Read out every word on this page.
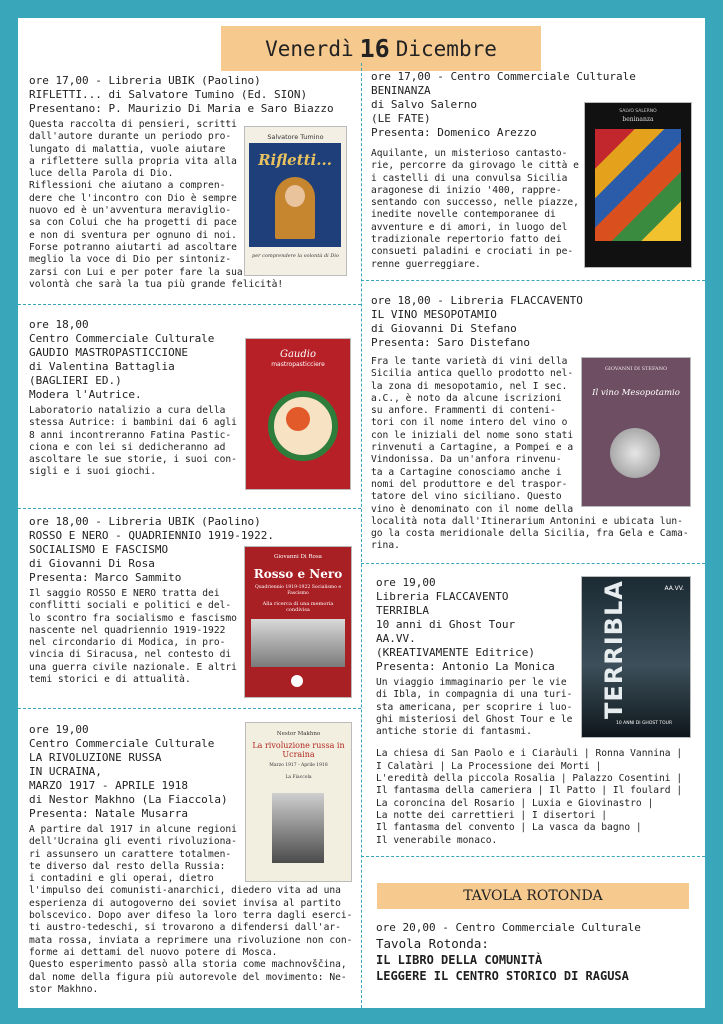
Venerdì 16 Dicembre
ore 17,00 - Libreria UBIK (Paolino)
RIFLETTI... di Salvatore Tumino (Ed. SION)
Presentano: P. Maurizio Di Maria e Saro Biazzo
Questa raccolta di pensieri, scritti
dall'autore durante un periodo pro-
lungato di malattia, vuole aiutare
a riflettere sulla propria vita alla
luce della Parola di Dio.
Riflessioni che aiutano a compren-
dere che l'incontro con Dio è sempre
nuovo ed è un'avventura meraviglio-
sa con Colui che ha progetti di pace
e non di sventura per ognuno di noi.
Forse potranno aiutarti ad ascoltare
meglio la voce di Dio per sintoniz-
zarsi con Lui e per poter fare la sua
volontà che sarà la tua più grande felicità!
Salvatore Tumino
Rifletti...
per comprendere la volontà di Dio
ore 18,00
Centro Commerciale Culturale
GAUDIO MASTROPASTICCIONE
di Valentina Battaglia
(BAGLIERI ED.)
Modera l'Autrice.
Laboratorio natalizio a cura della
stessa Autrice: i bambini dai 6 agli
8 anni incontreranno Fatina Pastic-
ciona e con lei si dedicheranno ad
ascoltare le sue storie, i suoi con-
sigli e i suoi giochi.
Gaudio
mastropasticciere
ore 18,00 - Libreria UBIK (Paolino)
ROSSO E NERO - QUADRIENNIO 1919-1922.
SOCIALISMO E FASCISMO
di Giovanni Di Rosa
Presenta: Marco Sammito
Il saggio ROSSO E NERO tratta dei
conflitti sociali e politici e del-
lo scontro fra socialismo e fascismo
nascente nel quadriennio 1919-1922
nel circondario di Modica, in pro-
vincia di Siracusa, nel contesto di
una guerra civile nazionale. E altri
temi storici e di attualità.
Giovanni Di Rosa
Rosso e Nero
Quadriennio 1919-1922 Socialismo e Fascismo
Alla ricerca di una memoria condivisa
ore 19,00
Centro Commerciale Culturale
LA RIVOLUZIONE RUSSA
IN UCRAINA,
MARZO 1917 - APRILE 1918
di Nestor Makhno (La Fiaccola)
Presenta: Natale Musarra
A partire dal 1917 in alcune regioni
dell'Ucraina gli eventi rivoluziona-
ri assunsero un carattere totalmen-
te diverso dal resto della Russia:
i contadini e gli operai, dietro
l'impulso dei comunisti-anarchici, diedero vita ad una
esperienza di autogoverno dei soviet invisa al partito
bolscevico. Dopo aver difeso la loro terra dagli eserci-
ti austro-tedeschi, si trovarono a difendersi dall'ar-
mata rossa, inviata a reprimere una rivoluzione non con-
forme ai dettami del nuovo potere di Mosca.
Questo esperimento passò alla storia come machnovščina,
dal nome della figura più autorevole del movimento: Ne-
stor Makhno.
Nestor Makhno
La rivoluzione russa in Ucraina
Marzo 1917 - Aprile 1918
La Fiaccola
ore 17,00 - Centro Commerciale Culturale
BENINANZA
di Salvo Salerno
(LE FATE)
Presenta: Domenico Arezzo
Aquilante, un misterioso cantasto-
rie, percorre da girovago le città e
i castelli di una convulsa Sicilia
aragonese di inizio '400, rappre-
sentando con successo, nelle piazze,
inedite novelle contemporanee di
avventure e di amori, in luogo del
tradizionale repertorio fatto dei
consueti paladini e crociati in pe-
renne guerreggiare.
SALVO SALERNO
beninanza
ore 18,00 - Libreria FLACCAVENTO
IL VINO MESOPOTAMIO
di Giovanni Di Stefano
Presenta: Saro Distefano
Fra le tante varietà di vini della
Sicilia antica quello prodotto nel-
la zona di mesopotamio, nel I sec.
a.C., è noto da alcune iscrizioni
su anfore. Frammenti di conteni-
tori con il nome intero del vino o
con le iniziali del nome sono stati
rinvenuti a Cartagine, a Pompei e a
Vindonissa. Da un'anfora rinvenu-
ta a Cartagine conosciamo anche i
nomi del produttore e del traspor-
tatore del vino siciliano. Questo
vino è denominato con il nome della
località nota dall'Itinerarium Antonini e ubicata lun-
go la costa meridionale della Sicilia, fra Gela e Cama-
rina.
GIOVANNI DI STEFANO
Il vino Mesopotamio
ore 19,00
Libreria FLACCAVENTO
TERRIBLA
10 anni di Ghost Tour
AA.VV.
(KREATIVAMENTE Editrice)
Presenta: Antonio La Monica
Un viaggio immaginario per le vie
di Ibla, in compagnia di una turi-
sta americana, per scoprire i luo-
ghi misteriosi del Ghost Tour e le
antiche storie di fantasmi.
La chiesa di San Paolo e i Ciaràuli | Ronna Vannina |
I Calatàri | La Processione dei Morti |
L'eredità della piccola Rosalia | Palazzo Cosentini |
Il fantasma della cameriera | Il Patto | Il foulard |
La coroncina del Rosario | Luxia e Giovinastro |
La notte dei carrettieri | I disertori |
Il fantasma del convento | La vasca da bagno |
Il venerabile monaco.
AA.VV.
TERRIBLA
10 ANNI DI GHOST TOUR
TAVOLA ROTONDA
ore 20,00 - Centro Commerciale Culturale
Tavola Rotonda:
IL LIBRO DELLA COMUNITÀ
LEGGERE IL CENTRO STORICO DI RAGUSA
